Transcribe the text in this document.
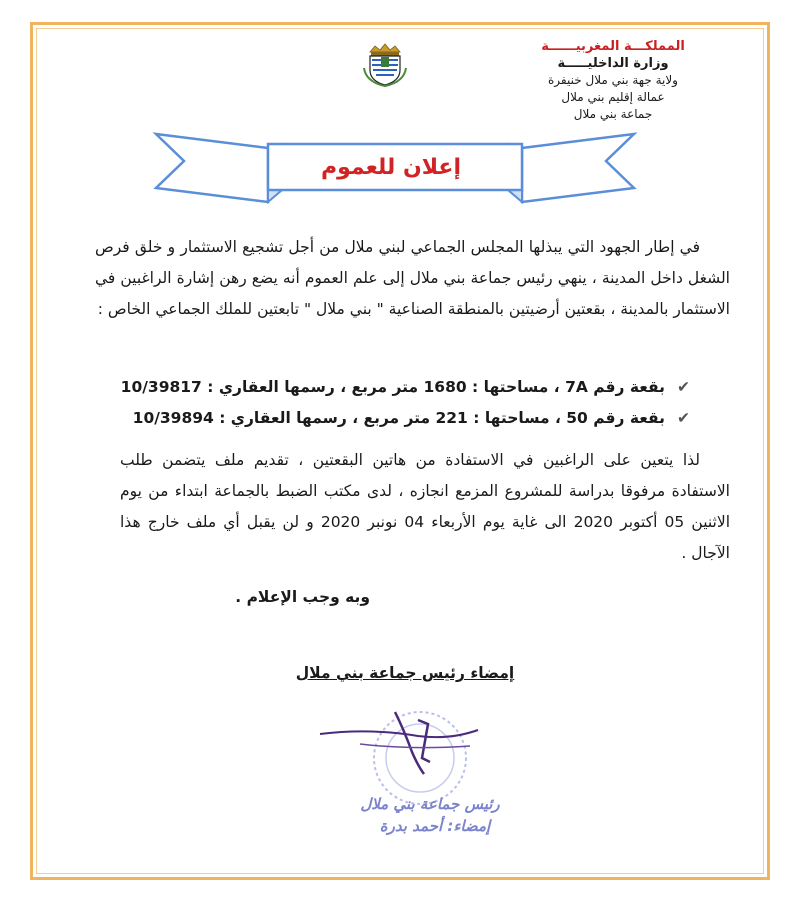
المملكـــة المغربيــــــة
وزارة الداخليـــــة
ولاية جهة بني ملال خنيفرة
عمالة إقليم بني ملال
جماعة بني ملال
إعلان للعموم
في إطار الجهود التي يبذلها المجلس الجماعي لبني ملال من أجل تشجيع الاستثمار و خلق فرص الشغل داخل المدينة ، ينهي رئيس جماعة بني ملال إلى علم العموم أنه يضع رهن إشارة الراغبين في الاستثمار بالمدينة ، بقعتين أرضيتين بالمنطقة الصناعية " بني ملال " تابعتين للملك الجماعي الخاص :
✔بقعة رقم 7A ، مساحتها : 1680 متر مربع ، رسمها العقاري : 10/39817
✔بقعة رقم 50 ، مساحتها : 221 متر مربع ، رسمها العقاري : 10/39894
لذا يتعين على الراغبين في الاستفادة من هاتين البقعتين ، تقديم ملف يتضمن طلب الاستفادة مرفوقا بدراسة للمشروع المزمع انجازه ، لدى مكتب الضبط بالجماعة ابتداء من يوم الاثنين 05 أكتوبر 2020 الى غاية يوم الأربعاء 04 نونبر 2020 و لن يقبل أي ملف خارج هذا الآجال .
وبه وجب الإعلام .
إمضاء رئيس جماعة بني ملال
رئيس جماعة بني ملال
إمضاء: أحمد بدرة
